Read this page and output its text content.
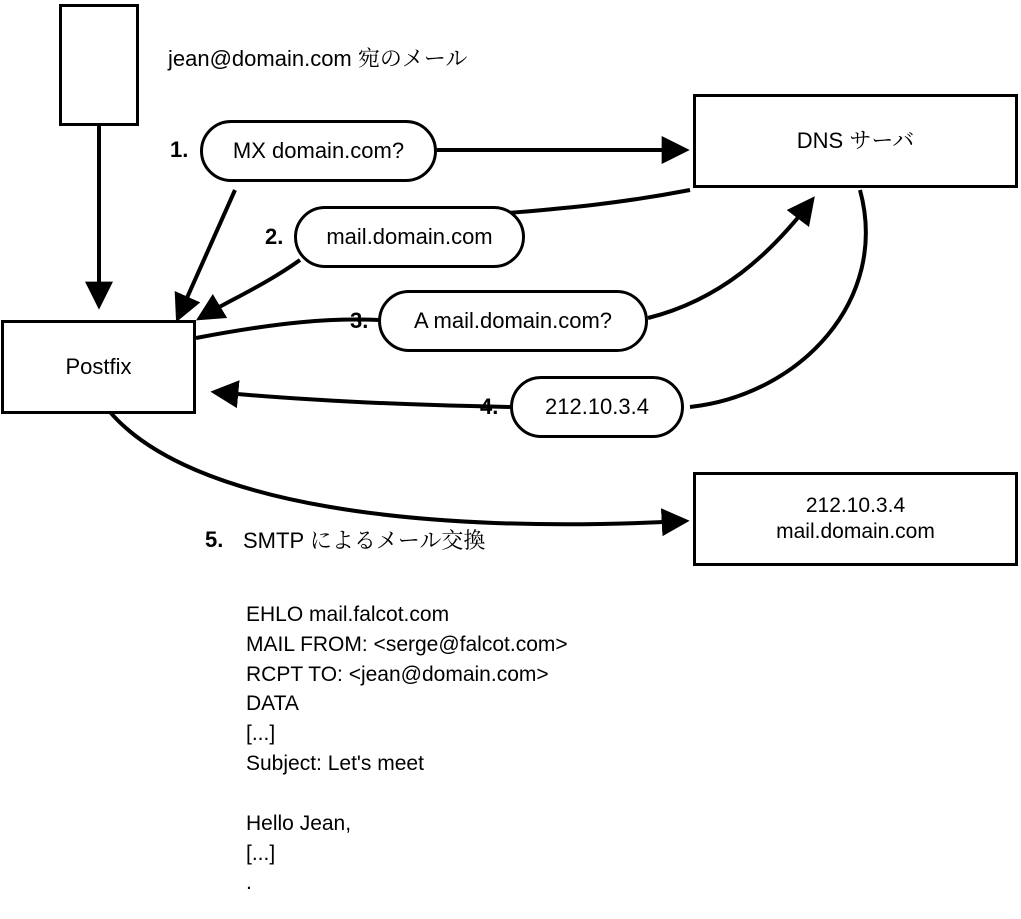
jean@domain.com 宛のメール
DNS サーバ
Postfix
212.10.3.4
mail.domain.com
1.	MX domain.com?
2.	mail.domain.com
3.	A mail.domain.com?
4.	212.10.3.4
5. SMTP によるメール交換
EHLO mail.falcot.com
MAIL FROM: <serge@falcot.com>
RCPT TO: <jean@domain.com>
DATA
[...]
Subject: Let's meet

Hello Jean,
[...]
.
